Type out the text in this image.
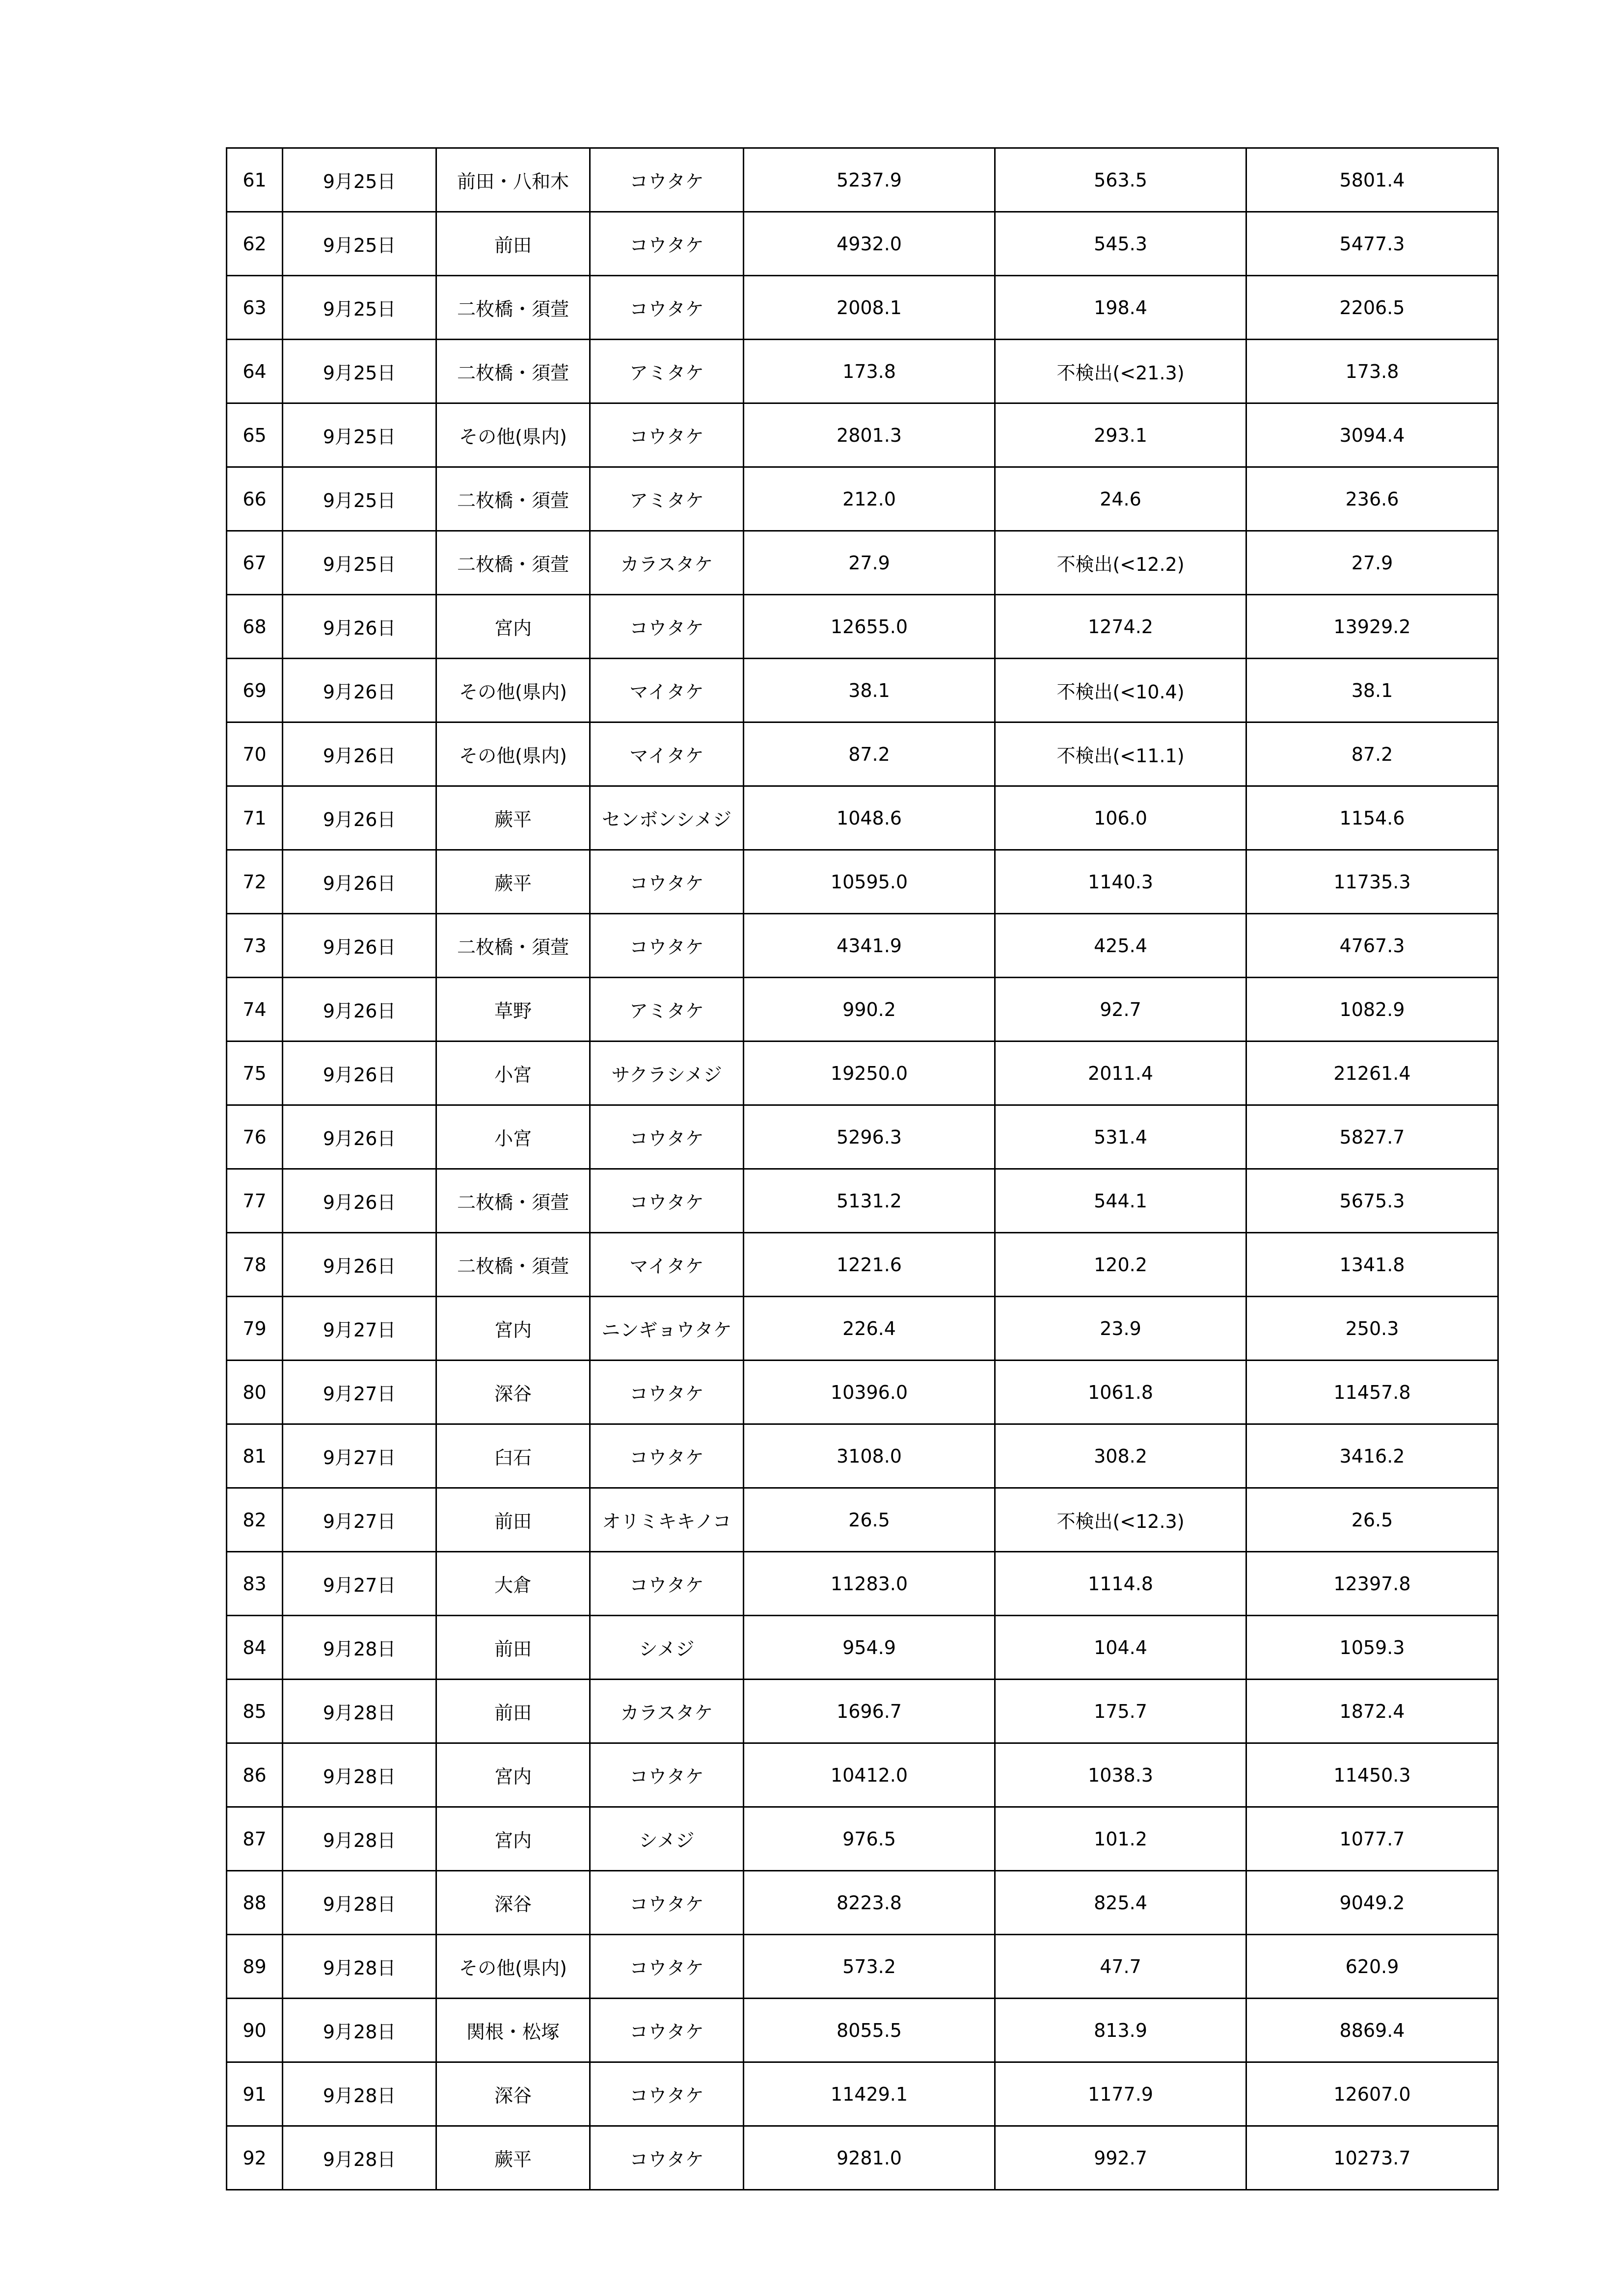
61	9月25日	前田・八和木	コウタケ	5237.9	563.5	5801.4
62	9月25日	前田	コウタケ	4932.0	545.3	5477.3
63	9月25日	二枚橋・須萱	コウタケ	2008.1	198.4	2206.5
64	9月25日	二枚橋・須萱	アミタケ	173.8	不検出(<21.3)	173.8
65	9月25日	その他(県内)	コウタケ	2801.3	293.1	3094.4
66	9月25日	二枚橋・須萱	アミタケ	212.0	24.6	236.6
67	9月25日	二枚橋・須萱	カラスタケ	27.9	不検出(<12.2)	27.9
68	9月26日	宮内	コウタケ	12655.0	1274.2	13929.2
69	9月26日	その他(県内)	マイタケ	38.1	不検出(<10.4)	38.1
70	9月26日	その他(県内)	マイタケ	87.2	不検出(<11.1)	87.2
71	9月26日	蕨平	センボンシメジ	1048.6	106.0	1154.6
72	9月26日	蕨平	コウタケ	10595.0	1140.3	11735.3
73	9月26日	二枚橋・須萱	コウタケ	4341.9	425.4	4767.3
74	9月26日	草野	アミタケ	990.2	92.7	1082.9
75	9月26日	小宮	サクラシメジ	19250.0	2011.4	21261.4
76	9月26日	小宮	コウタケ	5296.3	531.4	5827.7
77	9月26日	二枚橋・須萱	コウタケ	5131.2	544.1	5675.3
78	9月26日	二枚橋・須萱	マイタケ	1221.6	120.2	1341.8
79	9月27日	宮内	ニンギョウタケ	226.4	23.9	250.3
80	9月27日	深谷	コウタケ	10396.0	1061.8	11457.8
81	9月27日	臼石	コウタケ	3108.0	308.2	3416.2
82	9月27日	前田	オリミキキノコ	26.5	不検出(<12.3)	26.5
83	9月27日	大倉	コウタケ	11283.0	1114.8	12397.8
84	9月28日	前田	シメジ	954.9	104.4	1059.3
85	9月28日	前田	カラスタケ	1696.7	175.7	1872.4
86	9月28日	宮内	コウタケ	10412.0	1038.3	11450.3
87	9月28日	宮内	シメジ	976.5	101.2	1077.7
88	9月28日	深谷	コウタケ	8223.8	825.4	9049.2
89	9月28日	その他(県内)	コウタケ	573.2	47.7	620.9
90	9月28日	関根・松塚	コウタケ	8055.5	813.9	8869.4
91	9月28日	深谷	コウタケ	11429.1	1177.9	12607.0
92	9月28日	蕨平	コウタケ	9281.0	992.7	10273.7
